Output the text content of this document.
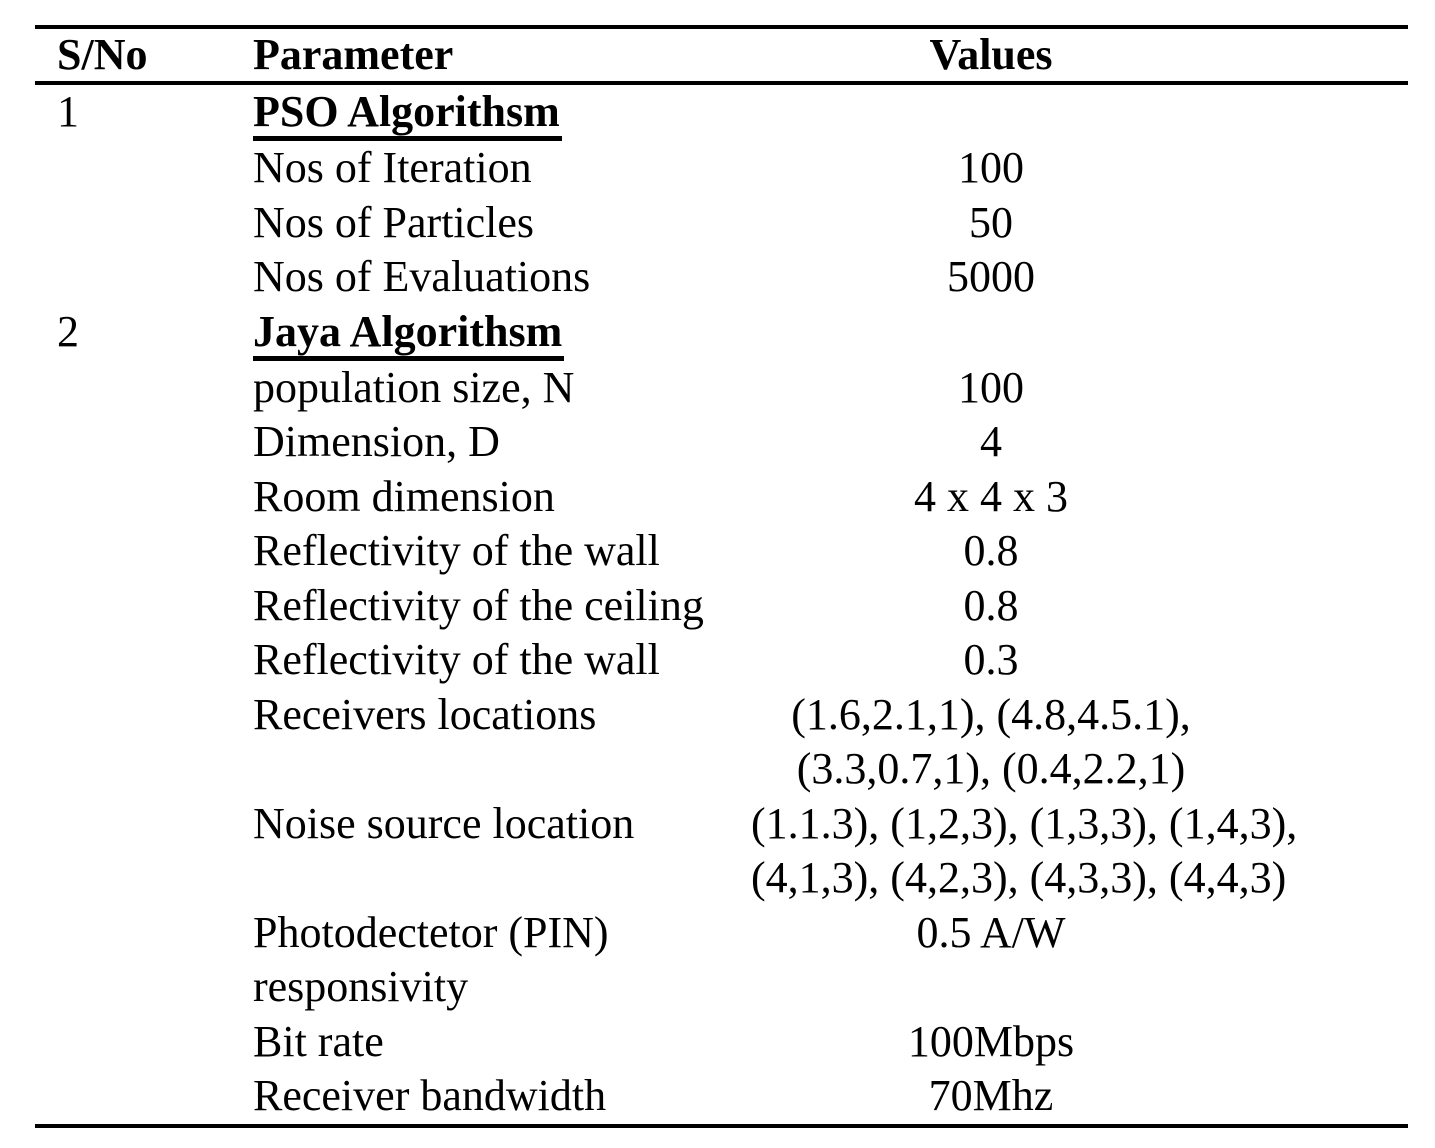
S/No	Parameter	Values	
1	PSO Algorithsm		
	Nos of Iteration	100	
	Nos of Particles	50	
	Nos of Evaluations	5000	
2	Jaya Algorithsm		
	population size, N	100	
	Dimension, D	4	
	Room dimension	4 x 4 x 3	
	Reflectivity of the wall	0.8	
	Reflectivity of the ceiling	0.8	
	Reflectivity of the wall	0.3	
	Receivers locations	(1.6,2.1,1), (4.8,4.5.1),
(3.3,0.7,1), (0.4,2.2,1)	
	Noise source location	(1.1.3), (1,2,3), (1,3,3), (1,4,3),
(4,1,3), (4,2,3), (4,3,3), (4,4,3)	
	Photodectetor (PIN)
responsivity	0.5 A/W	
	Bit rate	100Mbps	
	Receiver bandwidth	70Mhz	
